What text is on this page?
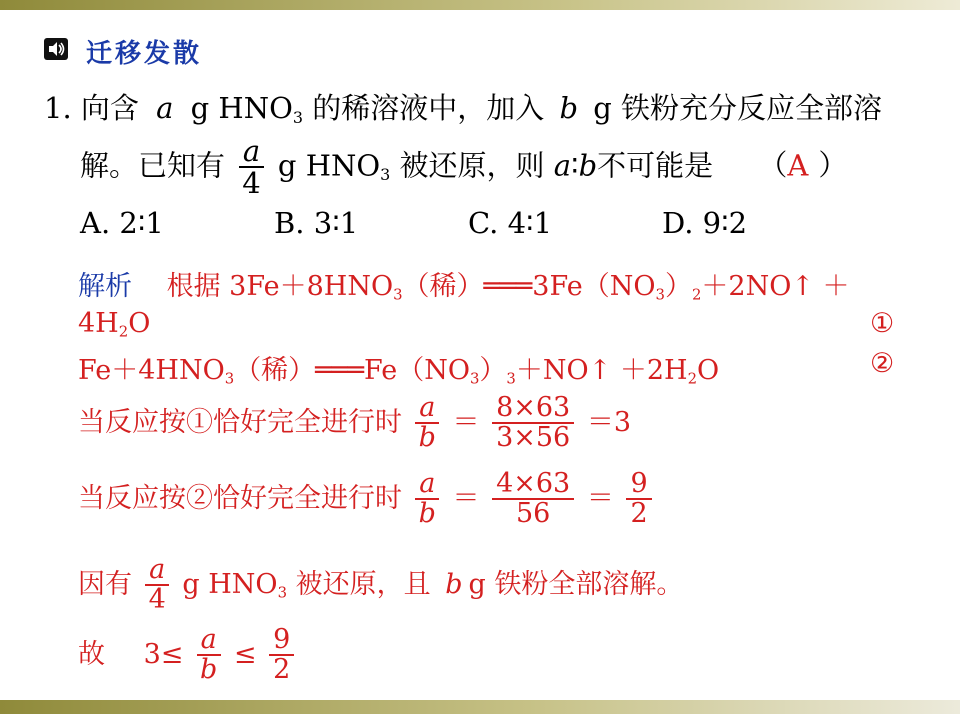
迁移发散
1. 向含 a g $HNO_3$ 的稀溶液中，加入 b g 铁粉充分反应全部溶
解。已知有 $\frac{a}{4}$ g $HNO_3$ 被还原，则 a∶b不可能是 （A ）
A. 2∶1	B. 3∶1	C. 4∶1	D. 9∶2
解析 根据 $3Fe+8HNO_3$（稀）$═══3Fe(NO_3)_2+2NO↑$ ＋
$4H_2O$	①
$Fe+4HNO_3$（稀）$═══Fe(NO_3)_3+NO↑ +2H_2O$	②
当反应按①恰好完全进行时 $\frac{a}{b} = \frac{8\times 63}{3\times 56} =3$
当反应按②恰好完全进行时 $\frac{a}{b} = \frac{4\times 63}{56} = \frac{9}{2}$
因有 $\frac{a}{4}$ g $HNO_3$ 被还原，且 b g 铁粉全部溶解。
故 $3\le \frac{a}{b} \le \frac{9}{2}$
